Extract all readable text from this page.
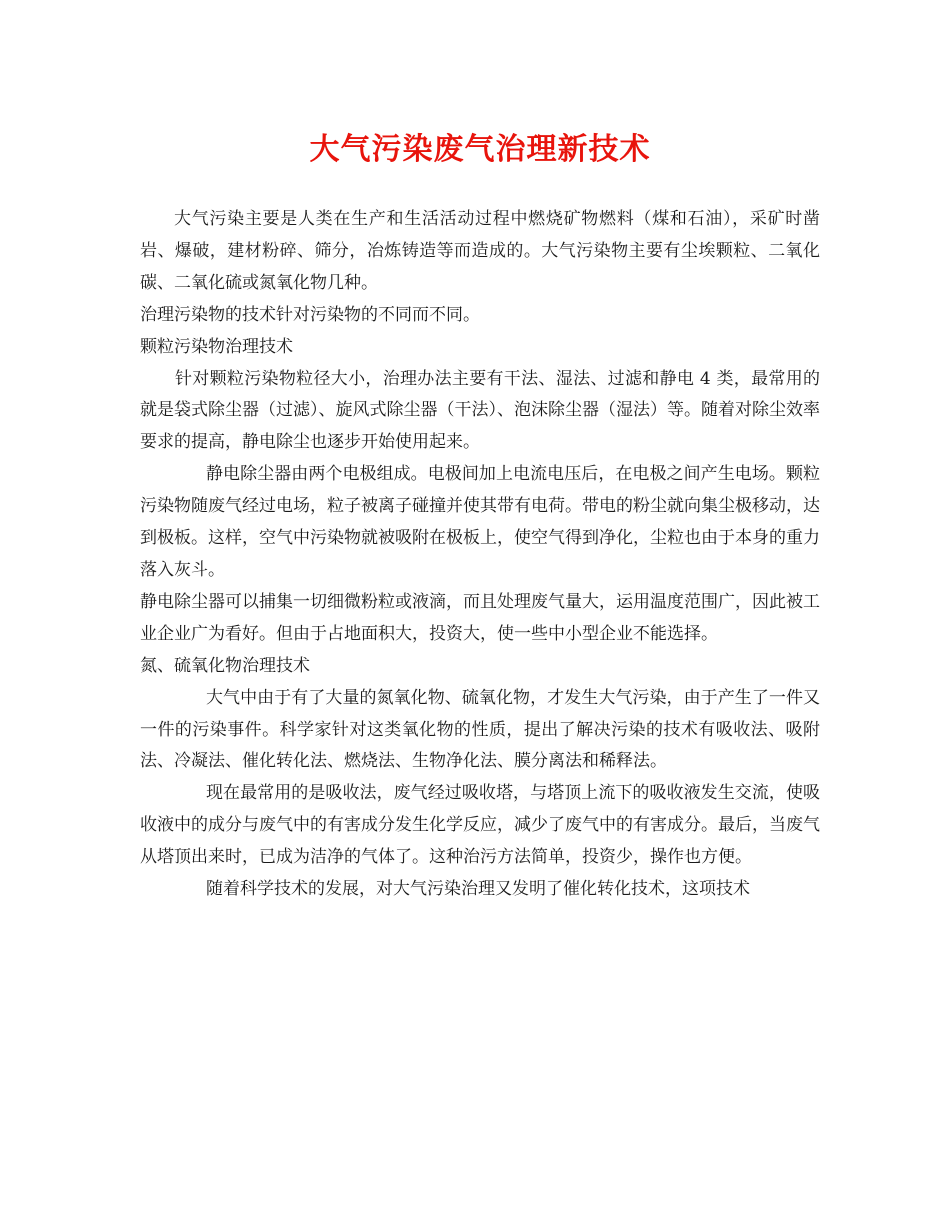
大气污染废气治理新技术

大气污染主要是人类在生产和生活活动过程中燃烧矿物燃料（煤和石油），采矿时凿岩、爆破，建材粉碎、筛分，冶炼铸造等而造成的。大气污染物主要有尘埃颗粒、二氧化碳、二氧化硫或氮氧化物几种。

治理污染物的技术针对污染物的不同而不同。

颗粒污染物治理技术

针对颗粒污染物粒径大小，治理办法主要有干法、湿法、过滤和静电 4 类，最常用的就是袋式除尘器（过滤）、旋风式除尘器（干法）、泡沫除尘器（湿法）等。随着对除尘效率要求的提高，静电除尘也逐步开始使用起来。

静电除尘器由两个电极组成。电极间加上电流电压后，在电极之间产生电场。颗粒污染物随废气经过电场，粒子被离子碰撞并使其带有电荷。带电的粉尘就向集尘极移动，达到极板。这样，空气中污染物就被吸附在极板上，使空气得到净化，尘粒也由于本身的重力落入灰斗。

静电除尘器可以捕集一切细微粉粒或液滴，而且处理废气量大，运用温度范围广，因此被工业企业广为看好。但由于占地面积大，投资大，使一些中小型企业不能选择。

氮、硫氧化物治理技术

大气中由于有了大量的氮氧化物、硫氧化物，才发生大气污染，由于产生了一件又一件的污染事件。科学家针对这类氧化物的性质，提出了解决污染的技术有吸收法、吸附法、冷凝法、催化转化法、燃烧法、生物净化法、膜分离法和稀释法。

现在最常用的是吸收法，废气经过吸收塔，与塔顶上流下的吸收液发生交流，使吸收液中的成分与废气中的有害成分发生化学反应，减少了废气中的有害成分。最后，当废气从塔顶出来时，已成为洁净的气体了。这种治污方法简单，投资少，操作也方便。

随着科学技术的发展，对大气污染治理又发明了催化转化技术，这项技术
